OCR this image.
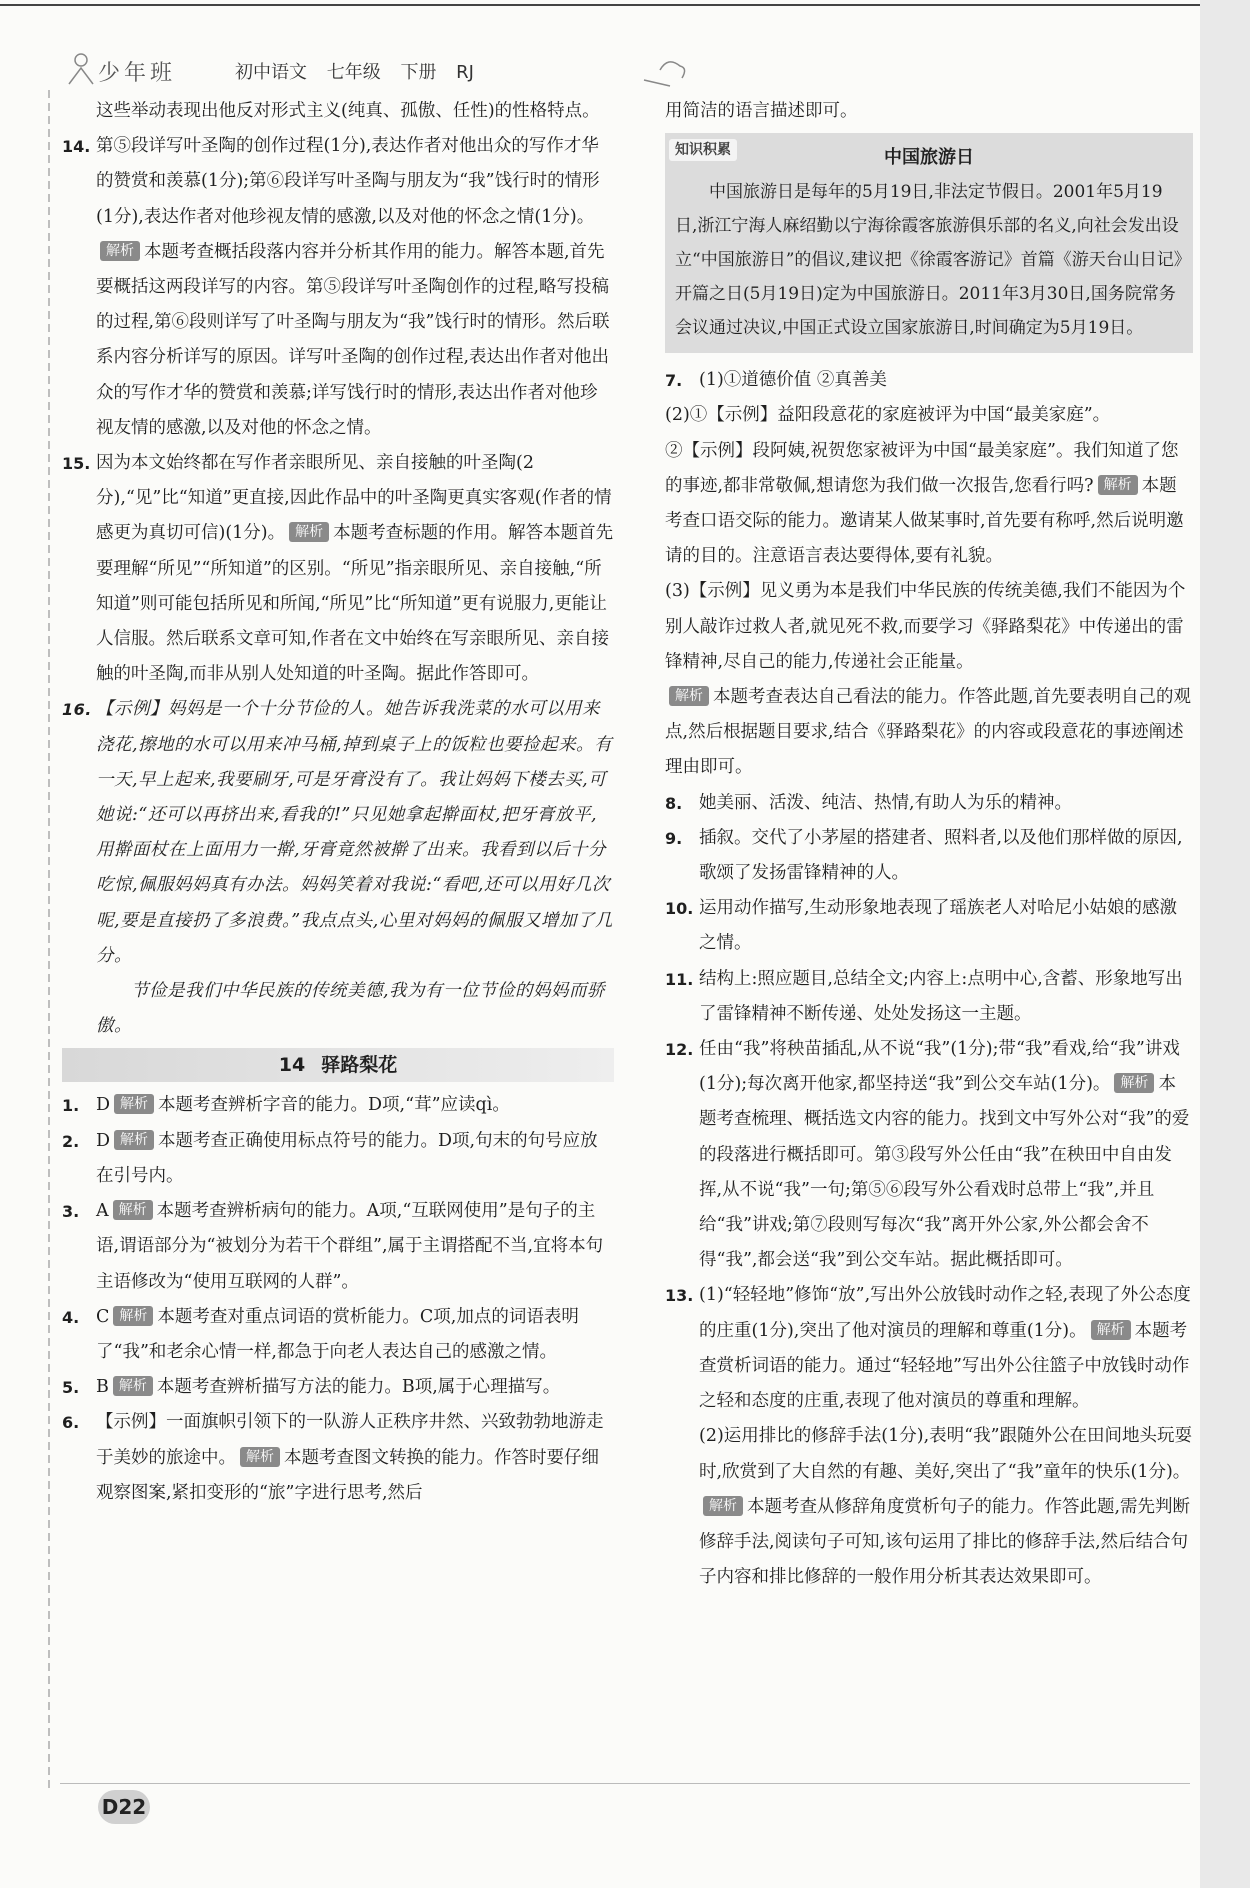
少年班	初中语文 七年级 下册 RJ

这些举动表现出他反对形式主义(纯真、孤傲、任性)的性格特点。

14. 第⑤段详写叶圣陶的创作过程(1分),表达作者对他出众的写作才华的赞赏和羡慕(1分);第⑥段详写叶圣陶与朋友为“我”饯行时的情形(1分),表达作者对他珍视友情的感激,以及对他的怀念之情(1分)。解析 本题考查概括段落内容并分析其作用的能力。解答本题,首先要概括这两段详写的内容。第⑤段详写叶圣陶创作的过程,略写投稿的过程,第⑥段则详写了叶圣陶与朋友为“我”饯行时的情形。然后联系内容分析详写的原因。详写叶圣陶的创作过程,表达出作者对他出众的写作才华的赞赏和羡慕;详写饯行时的情形,表达出作者对他珍视友情的感激,以及对他的怀念之情。
15. 因为本文始终都在写作者亲眼所见、亲自接触的叶圣陶(2分),“见”比“知道”更直接,因此作品中的叶圣陶更真实客观(作者的情感更为真切可信)(1分)。 解析 本题考查标题的作用。解答本题首先要理解“所见”“所知道”的区别。“所见”指亲眼所见、亲自接触,“所知道”则可能包括所见和所闻,“所见”比“所知道”更有说服力,更能让人信服。然后联系文章可知,作者在文中始终在写亲眼所见、亲自接触的叶圣陶,而非从别人处知道的叶圣陶。据此作答即可。
16. 【示例】妈妈是一个十分节俭的人。她告诉我洗菜的水可以用来浇花,擦地的水可以用来冲马桶,掉到桌子上的饭粒也要捡起来。有一天,早上起来,我要刷牙,可是牙膏没有了。我让妈妈下楼去买,可她说:“还可以再挤出来,看我的!”只见她拿起擀面杖,把牙膏放平,用擀面杖在上面用力一擀,牙膏竟然被擀了出来。我看到以后十分吃惊,佩服妈妈真有办法。妈妈笑着对我说:“看吧,还可以用好几次呢,要是直接扔了多浪费。”我点点头,心里对妈妈的佩服又增加了几分。

节俭是我们中华民族的传统美德,我为有一位节俭的妈妈而骄傲。

14 驿路梨花
1. D 解析 本题考查辨析字音的能力。D项,“茸”应读qì。
2. D 解析 本题考查正确使用标点符号的能力。D项,句末的句号应放在引号内。
3. A 解析 本题考查辨析病句的能力。A项,“互联网使用”是句子的主语,谓语部分为“被划分为若干个群组”,属于主谓搭配不当,宜将本句主语修改为“使用互联网的人群”。
4. C 解析 本题考查对重点词语的赏析能力。C项,加点的词语表明了“我”和老余心情一样,都急于向老人表达自己的感激之情。
5. B 解析 本题考查辨析描写方法的能力。B项,属于心理描写。
6. 【示例】一面旗帜引领下的一队游人正秩序井然、兴致勃勃地游走于美妙的旅途中。 解析 本题考查图文转换的能力。作答时要仔细观察图案,紧扣变形的“旅”字进行思考,然后

用简洁的语言描述即可。

知识积累	中国旅游日

中国旅游日是每年的5月19日,非法定节假日。2001年5月19日,浙江宁海人麻绍勤以宁海徐霞客旅游俱乐部的名义,向社会发出设立“中国旅游日”的倡议,建议把《徐霞客游记》首篇《游天台山日记》开篇之日(5月19日)定为中国旅游日。2011年3月30日,国务院常务会议通过决议,中国正式设立国家旅游日,时间确定为5月19日。

7. (1)①道德价值 ②真善美

(2)①【示例】益阳段意花的家庭被评为中国“最美家庭”。

②【示例】段阿姨,祝贺您家被评为中国“最美家庭”。我们知道了您的事迹,都非常敬佩,想请您为我们做一次报告,您看行吗? 解析 本题考查口语交际的能力。邀请某人做某事时,首先要有称呼,然后说明邀请的目的。注意语言表达要得体,要有礼貌。

(3)【示例】见义勇为本是我们中华民族的传统美德,我们不能因为个别人敲诈过救人者,就见死不救,而要学习《驿路梨花》中传递出的雷锋精神,尽自己的能力,传递社会正能量。

解析 本题考查表达自己看法的能力。作答此题,首先要表明自己的观点,然后根据题目要求,结合《驿路梨花》的内容或段意花的事迹阐述理由即可。

8. 她美丽、活泼、纯洁、热情,有助人为乐的精神。
9. 插叙。交代了小茅屋的搭建者、照料者,以及他们那样做的原因,歌颂了发扬雷锋精神的人。
10. 运用动作描写,生动形象地表现了瑶族老人对哈尼小姑娘的感激之情。
11. 结构上:照应题目,总结全文;内容上:点明中心,含蓄、形象地写出了雷锋精神不断传递、处处发扬这一主题。
12. 任由“我”将秧苗插乱,从不说“我”(1分);带“我”看戏,给“我”讲戏(1分);每次离开他家,都坚持送“我”到公交车站(1分)。 解析 本题考查梳理、概括选文内容的能力。找到文中写外公对“我”的爱的段落进行概括即可。第③段写外公任由“我”在秧田中自由发挥,从不说“我”一句;第⑤⑥段写外公看戏时总带上“我”,并且给“我”讲戏;第⑦段则写每次“我”离开外公家,外公都会舍不得“我”,都会送“我”到公交车站。据此概括即可。
13. (1)“轻轻地”修饰“放”,写出外公放钱时动作之轻,表现了外公态度的庄重(1分),突出了他对演员的理解和尊重(1分)。 解析 本题考查赏析词语的能力。通过“轻轻地”写出外公往篮子中放钱时动作之轻和态度的庄重,表现了他对演员的尊重和理解。

(2)运用排比的修辞手法(1分),表明“我”跟随外公在田间地头玩耍时,欣赏到了大自然的有趣、美好,突出了“我”童年的快乐(1分)。解析 本题考查从修辞角度赏析句子的能力。作答此题,需先判断修辞手法,阅读句子可知,该句运用了排比的修辞手法,然后结合句子内容和排比修辞的一般作用分析其表达效果即可。

D22
